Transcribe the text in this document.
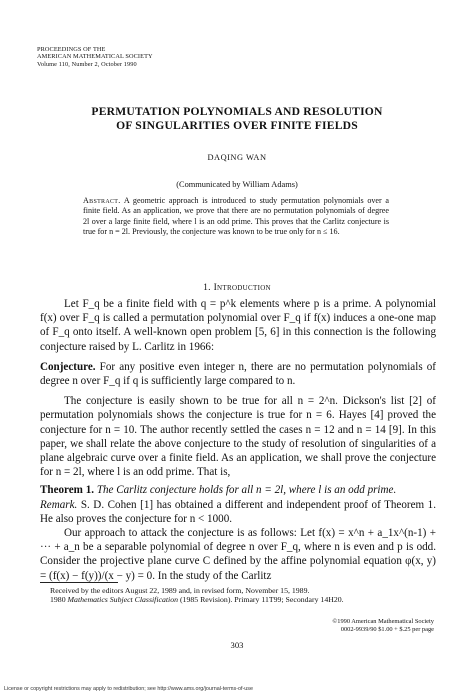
PROCEEDINGS OF THE
AMERICAN MATHEMATICAL SOCIETY
Volume 110, Number 2, October 1990
PERMUTATION POLYNOMIALS AND RESOLUTION
OF SINGULARITIES OVER FINITE FIELDS
DAQING WAN
(Communicated by William Adams)
Abstract. A geometric approach is introduced to study permutation polynomials over a finite field. As an application, we prove that there are no permutation polynomials of degree 2l over a large finite field, where l is an odd prime. This proves that the Carlitz conjecture is true for n = 2l. Previously, the conjecture was known to be true only for n ≤ 16.
1. Introduction

Let F_q be a finite field with q = p^k elements where p is a prime. A polynomial f(x) over F_q is called a permutation polynomial over F_q if f(x) induces a one-one map of F_q onto itself. A well-known open problem [5, 6] in this connection is the following conjecture raised by L. Carlitz in 1966:

Conjecture. For any positive even integer n, there are no permutation polynomials of degree n over F_q if q is sufficiently large compared to n.

The conjecture is easily shown to be true for all n = 2^n. Dickson's list [2] of permutation polynomials shows the conjecture is true for n = 6. Hayes [4] proved the conjecture for n = 10. The author recently settled the cases n = 12 and n = 14 [9]. In this paper, we shall relate the above conjecture to the study of resolution of singularities of a plane algebraic curve over a finite field. As an application, we shall prove the conjecture for n = 2l, where l is an odd prime. That is,

Theorem 1. The Carlitz conjecture holds for all n = 2l, where l is an odd prime.

Remark. S. D. Cohen [1] has obtained a different and independent proof of Theorem 1. He also proves the conjecture for n < 1000.

Our approach to attack the conjecture is as follows: Let f(x) = x^n + a_1x^(n-1) + ··· + a_n be a separable polynomial of degree n over F_q, where n is even and p is odd. Consider the projective plane curve C defined by the affine polynomial equation φ(x, y) = (f(x) − f(y))/(x − y) = 0. In the study of the Carlitz

Received by the editors August 22, 1989 and, in revised form, November 15, 1989.
1980 Mathematics Subject Classification (1985 Revision). Primary 11T99; Secondary 14H20.
©1990 American Mathematical Society
0002-9939/90 $1.00 + $.25 per page
303
License or copyright restrictions may apply to redistribution; see http://www.ams.org/journal-terms-of-use
